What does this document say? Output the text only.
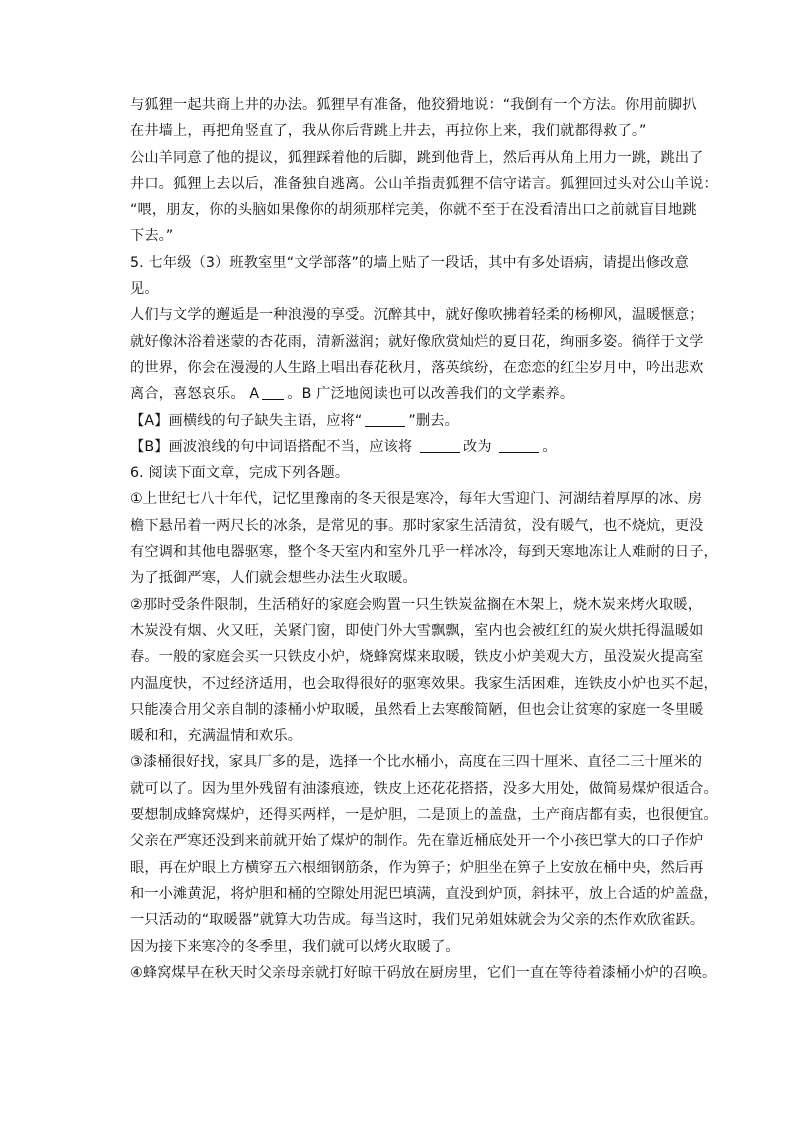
与狐狸一起共商上井的办法。狐狸早有准备，他狡猾地说：“我倒有一个方法。你用前脚扒
在井墙上，再把角竖直了，我从你后背跳上井去，再拉你上来，我们就都得救了。”
公山羊同意了他的提议，狐狸踩着他的后脚，跳到他背上，然后再从角上用力一跳，跳出了
井口。狐狸上去以后，准备独自逃离。公山羊指责狐狸不信守诺言。狐狸回过头对公山羊说：
“喂，朋友，你的头脑如果像你的胡须那样完美，你就不至于在没看清出口之前就盲目地跳
下去。”
5. 七年级（3）班教室里“文学部落”的墙上贴了一段话，其中有多处语病，请提出修改意
见。
人们与文学的邂逅是一种浪漫的享受。沉醉其中，就好像吹拂着轻柔的杨柳风，温暖惬意；
就好像沐浴着迷蒙的杏花雨，清新滋润；就好像欣赏灿烂的夏日花，绚丽多姿。徜徉于文学
的世界，你会在漫漫的人生路上唱出春花秋月，落英缤纷，在恋恋的红尘岁月中，吟出悲欢
离合，喜怒哀乐。 A 。B 广泛地阅读也可以改善我们的文学素养。
【A】画横线的句子缺失主语，应将“	”删去。
【B】画波浪线的句中词语搭配不当，应该将	改为	。
6. 阅读下面文章，完成下列各题。
①上世纪七八十年代，记忆里豫南的冬天很是寒冷，每年大雪迎门、河湖结着厚厚的冰、房
檐下悬吊着一两尺长的冰条，是常见的事。那时家家生活清贫，没有暖气，也不烧炕，更没
有空调和其他电器驱寒，整个冬天室内和室外几乎一样冰冷，每到天寒地冻让人难耐的日子，
为了抵御严寒，人们就会想些办法生火取暖。
②那时受条件限制，生活稍好的家庭会购置一只生铁炭盆搁在木架上，烧木炭来烤火取暖，
木炭没有烟、火又旺，关紧门窗，即使门外大雪飘飘，室内也会被红红的炭火烘托得温暖如
春。一般的家庭会买一只铁皮小炉，烧蜂窝煤来取暖，铁皮小炉美观大方，虽没炭火提高室
内温度快，不过经济适用，也会取得很好的驱寒效果。我家生活困难，连铁皮小炉也买不起，
只能凑合用父亲自制的漆桶小炉取暖，虽然看上去寒酸简陋，但也会让贫寒的家庭一冬里暖
暖和和，充满温情和欢乐。
③漆桶很好找，家具厂多的是，选择一个比水桶小，高度在三四十厘米、直径二三十厘米的
就可以了。因为里外残留有油漆痕迹，铁皮上还花花搭搭，没多大用处，做简易煤炉很适合。
要想制成蜂窝煤炉，还得买两样，一是炉胆，二是顶上的盖盘，土产商店都有卖，也很便宜。
父亲在严寒还没到来前就开始了煤炉的制作。先在靠近桶底处开一个小孩巴掌大的口子作炉
眼，再在炉眼上方横穿五六根细钢筋条，作为箅子；炉胆坐在箅子上安放在桶中央，然后再
和一小滩黄泥，将炉胆和桶的空隙处用泥巴填满，直没到炉顶，斜抹平，放上合适的炉盖盘，
一只活动的“取暖器”就算大功告成。每当这时，我们兄弟姐妹就会为父亲的杰作欢欣雀跃。
因为接下来寒冷的冬季里，我们就可以烤火取暖了。
④蜂窝煤早在秋天时父亲母亲就打好晾干码放在厨房里，它们一直在等待着漆桶小炉的召唤。
